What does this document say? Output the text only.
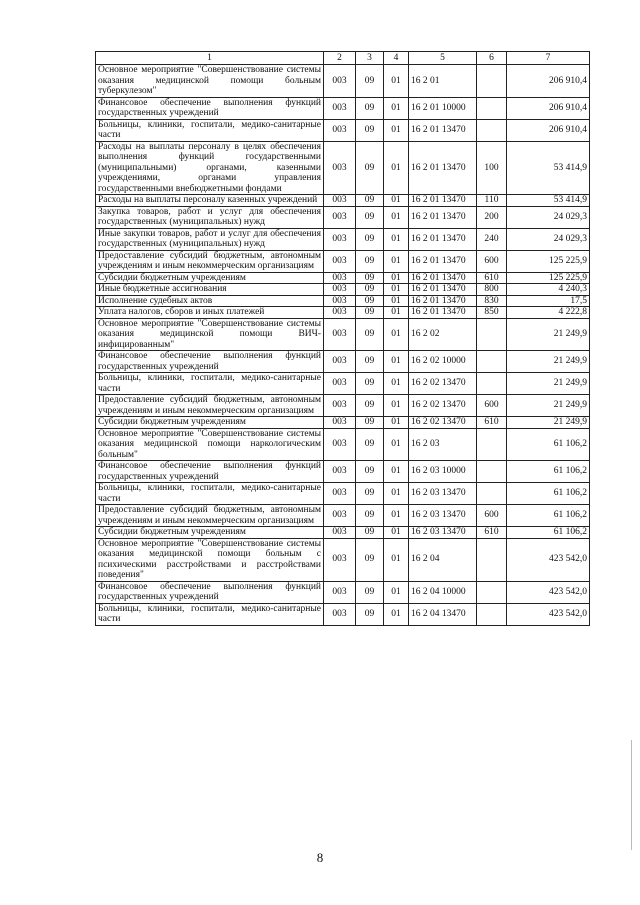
1	2	3	4	5	6	7
Основное мероприятие "Совершенствование системы оказания медицинской помощи больным туберкулезом"	003	09	01	16 2 01		206 910,4
Финансовое обеспечение выполнения функций государственных учреждений	003	09	01	16 2 01 10000		206 910,4
Больницы, клиники, госпитали, медико-санитарные части	003	09	01	16 2 01 13470		206 910,4
Расходы на выплаты персоналу в целях обеспечения выполнения функций государственными (муниципальными) органами, казенными учреждениями, органами управления государственными внебюджетными фондами	003	09	01	16 2 01 13470	100	53 414,9
Расходы на выплаты персоналу казенных учреждений	003	09	01	16 2 01 13470	110	53 414,9
Закупка товаров, работ и услуг для обеспечения государственных (муниципальных) нужд	003	09	01	16 2 01 13470	200	24 029,3
Иные закупки товаров, работ и услуг для обеспечения государственных (муниципальных) нужд	003	09	01	16 2 01 13470	240	24 029,3
Предоставление субсидий бюджетным, автономным учреждениям и иным некоммерческим организациям	003	09	01	16 2 01 13470	600	125 225,9
Субсидии бюджетным учреждениям	003	09	01	16 2 01 13470	610	125 225,9
Иные бюджетные ассигнования	003	09	01	16 2 01 13470	800	4 240,3
Исполнение судебных актов	003	09	01	16 2 01 13470	830	17,5
Уплата налогов, сборов и иных платежей	003	09	01	16 2 01 13470	850	4 222,8
Основное мероприятие "Совершенствование системы оказания медицинской помощи ВИЧ-инфицированным"	003	09	01	16 2 02		21 249,9
Финансовое обеспечение выполнения функций государственных учреждений	003	09	01	16 2 02 10000		21 249,9
Больницы, клиники, госпитали, медико-санитарные части	003	09	01	16 2 02 13470		21 249,9
Предоставление субсидий бюджетным, автономным учреждениям и иным некоммерческим организациям	003	09	01	16 2 02 13470	600	21 249,9
Субсидии бюджетным учреждениям	003	09	01	16 2 02 13470	610	21 249,9
Основное мероприятие "Совершенствование системы оказания медицинской помощи наркологическим больным"	003	09	01	16 2 03		61 106,2
Финансовое обеспечение выполнения функций государственных учреждений	003	09	01	16 2 03 10000		61 106,2
Больницы, клиники, госпитали, медико-санитарные части	003	09	01	16 2 03 13470		61 106,2
Предоставление субсидий бюджетным, автономным учреждениям и иным некоммерческим организациям	003	09	01	16 2 03 13470	600	61 106,2
Субсидии бюджетным учреждениям	003	09	01	16 2 03 13470	610	61 106,2
Основное мероприятие "Совершенствование системы оказания медицинской помощи больным с психическими расстройствами и расстройствами поведения"	003	09	01	16 2 04		423 542,0
Финансовое обеспечение выполнения функций государственных учреждений	003	09	01	16 2 04 10000		423 542,0
Больницы, клиники, госпитали, медико-санитарные части	003	09	01	16 2 04 13470		423 542,0
8
